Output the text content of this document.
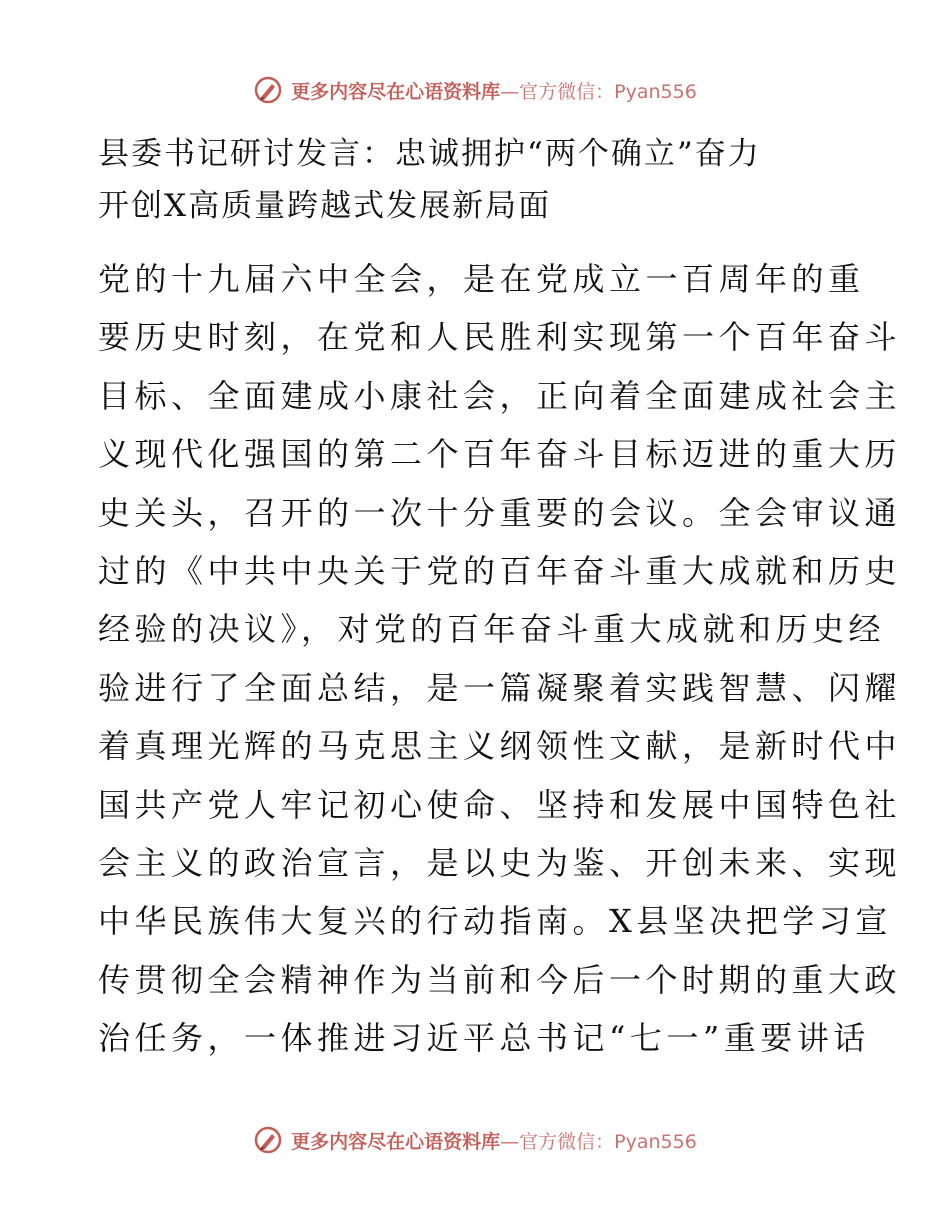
更多内容尽在心语资料库—官方微信：Pyan556
县委书记研讨发言：忠诚拥护“两个确立”奋力
开创X高质量跨越式发展新局面
党的十九届六中全会，是在党成立一百周年的重
要历史时刻，在党和人民胜利实现第一个百年奋斗
目标、全面建成小康社会，正向着全面建成社会主
义现代化强国的第二个百年奋斗目标迈进的重大历
史关头，召开的一次十分重要的会议。全会审议通
过的《中共中央关于党的百年奋斗重大成就和历史
经验的决议》，对党的百年奋斗重大成就和历史经
验进行了全面总结，是一篇凝聚着实践智慧、闪耀
着真理光辉的马克思主义纲领性文献，是新时代中
国共产党人牢记初心使命、坚持和发展中国特色社
会主义的政治宣言，是以史为鉴、开创未来、实现
中华民族伟大复兴的行动指南。X县坚决把学习宣
传贯彻全会精神作为当前和今后一个时期的重大政
治任务，一体推进习近平总书记“七一”重要讲话
更多内容尽在心语资料库—官方微信：Pyan556
